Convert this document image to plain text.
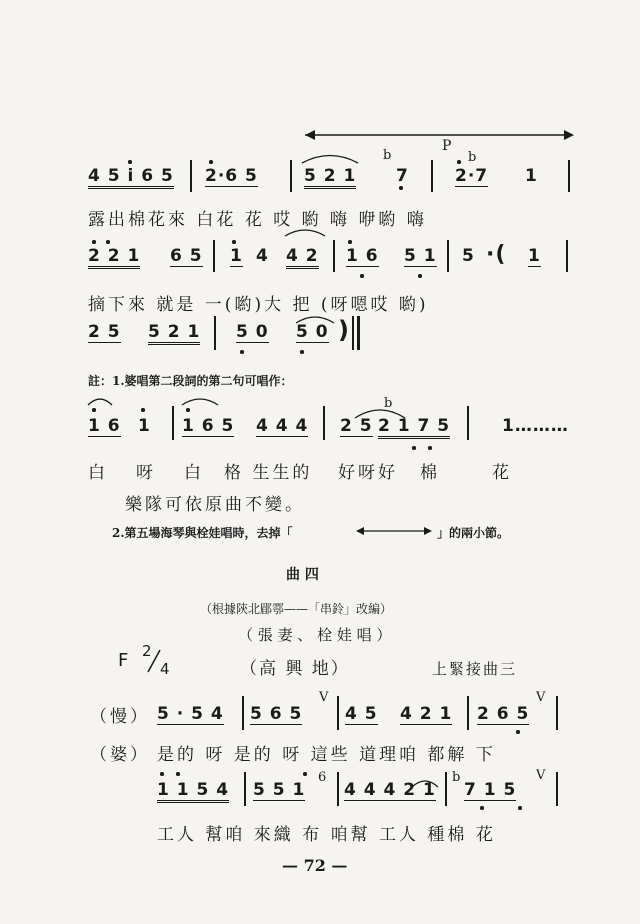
P
b	b
4 5 i 6 5 2·6 5	5 2 1 7	2·7 1
露出棉花來 白花 花 哎 喲 嗨 咿喲 嗨
2 2 1 6 5 1 4 4 2 1 6 5 1 5 ·( 1
摘下來 就是 一(喲)大 把 (呀嗯哎 喲)
2 5 5 2 1 5 0 5 0 )
註：1.婆唱第二段詞的第二句可唱作：
b
1 6 1 1 6 5 4 4 4 2 5 2 1 7 5	1………
白 呀 白 格 生生的 好呀好 棉	花
樂隊可依原曲不變。
2.第五場海琴與栓娃唱時，去掉「	」的兩小節。
曲 四
（根據陝北郿鄠——「串鈴」改編）
（ 張 妻 、 栓 娃 唱 ）
F 2
4	（高 興 地）	上緊接曲三
（慢） 5 · 5 4 5 6 5
V
4 5 4 2 1 2 6 5
V
（婆） 是的 呀 是的 呀 這些 道理咱 都解 下
1 1 5 4 5 5 1
6
4 4 4 2 1
b
7 1 5
V
工人 幫咱 來織 布 咱幫 工人 種棉 花
— 72 —
